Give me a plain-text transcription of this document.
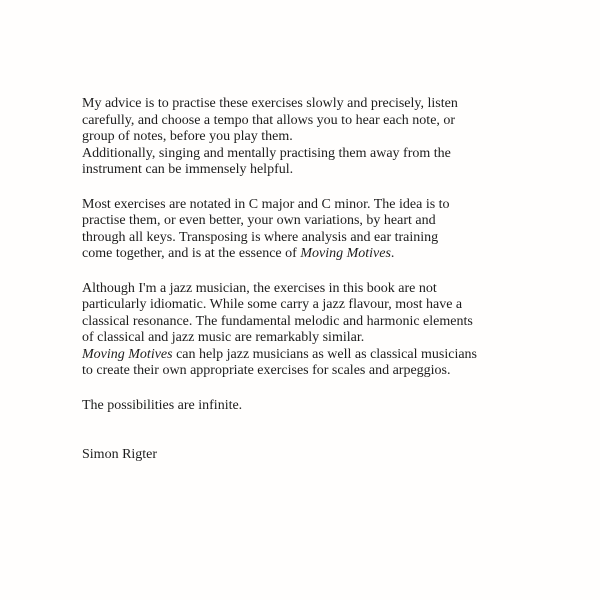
My advice is to practise these exercises slowly and precisely, listen
carefully, and choose a tempo that allows you to hear each note, or
group of notes, before you play them.
Additionally, singing and mentally practising them away from the
instrument can be immensely helpful.

Most exercises are notated in C major and C minor. The idea is to
practise them, or even better, your own variations, by heart and
through all keys. Transposing is where analysis and ear training
come together, and is at the essence of Moving Motives.

Although I'm a jazz musician, the exercises in this book are not
particularly idiomatic. While some carry a jazz flavour, most have a
classical resonance. The fundamental melodic and harmonic elements
of classical and jazz music are remarkably similar.
Moving Motives can help jazz musicians as well as classical musicians
to create their own appropriate exercises for scales and arpeggios.

The possibilities are infinite.

Simon Rigter
